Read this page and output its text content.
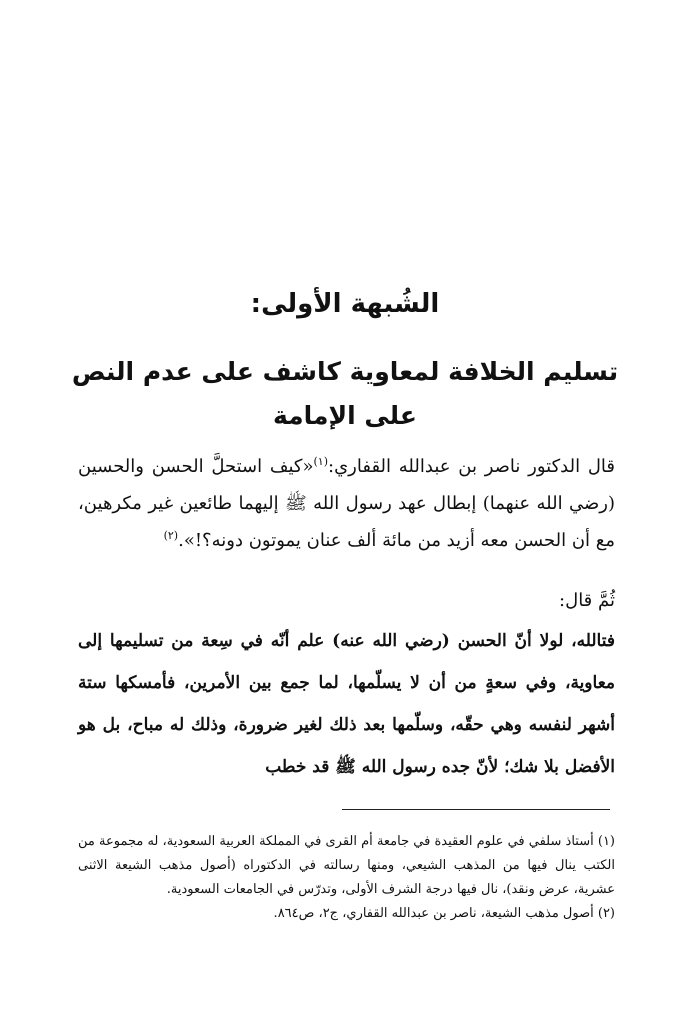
الشُبهة الأولى:
تسليم الخلافة لمعاوية كاشف على عدم النص على الإمامة

قال الدكتور ناصر بن عبدالله القفاري:$^{(١)}$«كيف استحلَّ الحسن والحسين (رضي الله عنهما) إبطال عهد رسول الله ﷺ إليهما طائعين غير مكرهين، مع أن الحسن معه أزيد من مائة ألف عنان يموتون دونه؟!».$^{(٢)}$

ثُمَّ قال:

فتالله، لولا أنّ الحسن (رضي الله عنه) علم أنّه في سِعة من تسليمها إلى معاوية، وفي سعةٍ من أن لا يسلّمها، لما جمع بين الأمرين، فأمسكها ستة أشهر لنفسه وهي حقّه، وسلّمها بعد ذلك لغير ضرورة، وذلك له مباح، بل هو الأفضل بلا شك؛ لأنّ جده رسول الله ﷺ قد خطب

(١) أستاذ سلفي في علوم العقيدة في جامعة أم القرى في المملكة العربية السعودية، له مجموعة من الكتب ينال فيها من المذهب الشيعي، ومنها رسالته في الدكتوراه (أصول مذهب الشيعة الاثنى عشرية، عرض ونقد)، نال فيها درجة الشرف الأولى، وتدرّس في الجامعات السعودية.

(٢) أصول مذهب الشيعة، ناصر بن عبدالله القفاري، ج٢، ص٨٦٤.
